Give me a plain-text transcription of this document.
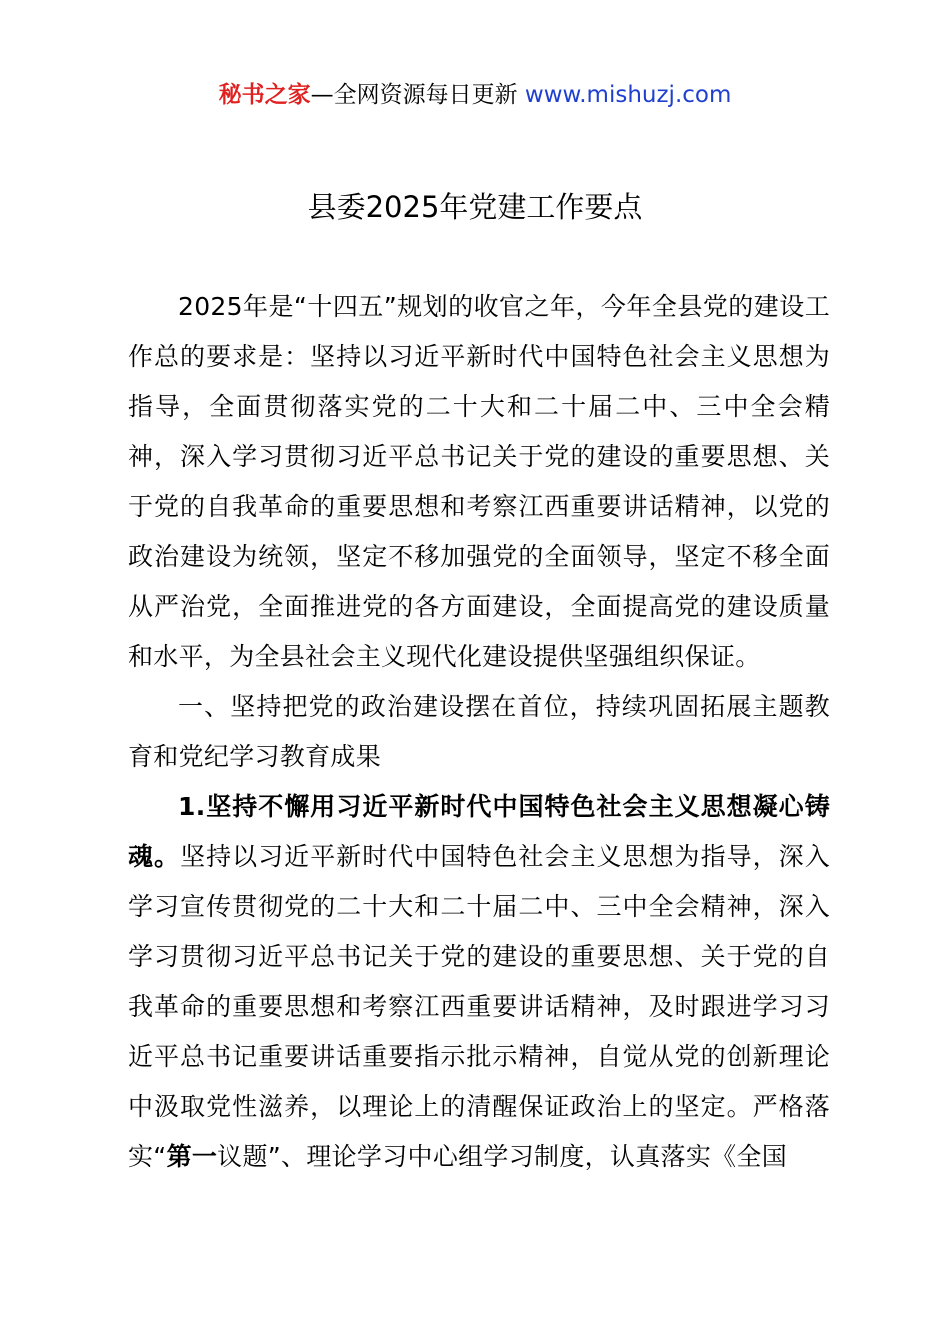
秘书之家—全网资源每日更新 www.mishuzj.com
县委2025年党建工作要点

2025年是“十四五”规划的收官之年，今年全县党的建设工作总的要求是：坚持以习近平新时代中国特色社会主义思想为指导，全面贯彻落实党的二十大和二十届二中、三中全会精神，深入学习贯彻习近平总书记关于党的建设的重要思想、关于党的自我革命的重要思想和考察江西重要讲话精神，以党的政治建设为统领，坚定不移加强党的全面领导，坚定不移全面从严治党，全面推进党的各方面建设，全面提高党的建设质量和水平，为全县社会主义现代化建设提供坚强组织保证。

一、坚持把党的政治建设摆在首位，持续巩固拓展主题教育和党纪学习教育成果

1.坚持不懈用习近平新时代中国特色社会主义思想凝心铸魂。坚持以习近平新时代中国特色社会主义思想为指导，深入学习宣传贯彻党的二十大和二十届二中、三中全会精神，深入学习贯彻习近平总书记关于党的建设的重要思想、关于党的自我革命的重要思想和考察江西重要讲话精神，及时跟进学习习近平总书记重要讲话重要指示批示精神，自觉从党的创新理论中汲取党性滋养，以理论上的清醒保证政治上的坚定。严格落实“第一议题”、理论学习中心组学习制度，认真落实《全国
